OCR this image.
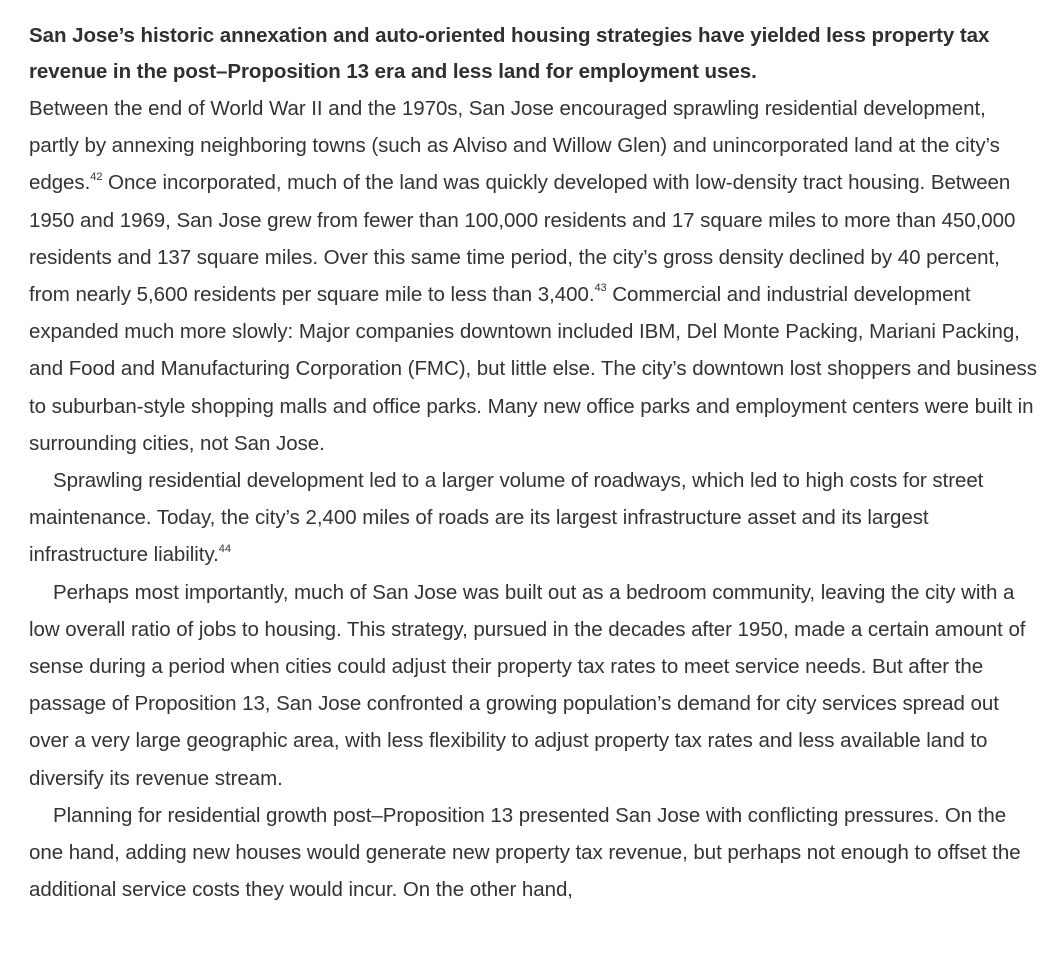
San Jose’s historic annexation and auto-oriented housing strategies have yielded less property tax revenue in the post–Proposition 13 era and less land for employment uses.

Between the end of World War II and the 1970s, San Jose encouraged sprawling residential development, partly by annexing neighboring towns (such as Alviso and Willow Glen) and unincorporated land at the city’s edges.$^{42}$ Once incorporated, much of the land was quickly developed with low-density tract housing. Between 1950 and 1969, San Jose grew from fewer than 100,000 residents and 17 square miles to more than 450,000 residents and 137 square miles. Over this same time period, the city’s gross density declined by 40 percent, from nearly 5,600 residents per square mile to less than 3,400.43 Commercial and industrial development expanded much more slowly: Major companies downtown included IBM, Del Monte Packing, Mariani Packing, and Food and Manufacturing Corporation (FMC), but little else. The city’s downtown lost shoppers and business to suburban-style shopping malls and office parks. Many new office parks and employment centers were built in surrounding cities, not San Jose.

Sprawling residential development led to a larger volume of roadways, which led to high costs for street maintenance. Today, the city’s 2,400 miles of roads are its largest infrastructure asset and its largest infrastructure liability.$^{44}$

Perhaps most importantly, much of San Jose was built out as a bedroom community, leaving the city with a low overall ratio of jobs to housing. This strategy, pursued in the decades after 1950, made a certain amount of sense during a period when cities could adjust their property tax rates to meet service needs. But after the passage of Proposition 13, San Jose confronted a growing population’s demand for city services spread out over a very large geographic area, with less flexibility to adjust property tax rates and less available land to diversify its revenue stream.

Planning for residential growth post–Proposition 13 presented San Jose with conflicting pressures. On the one hand, adding new houses would generate new property tax revenue, but perhaps not enough to offset the additional service costs they would incur. On the other hand,
